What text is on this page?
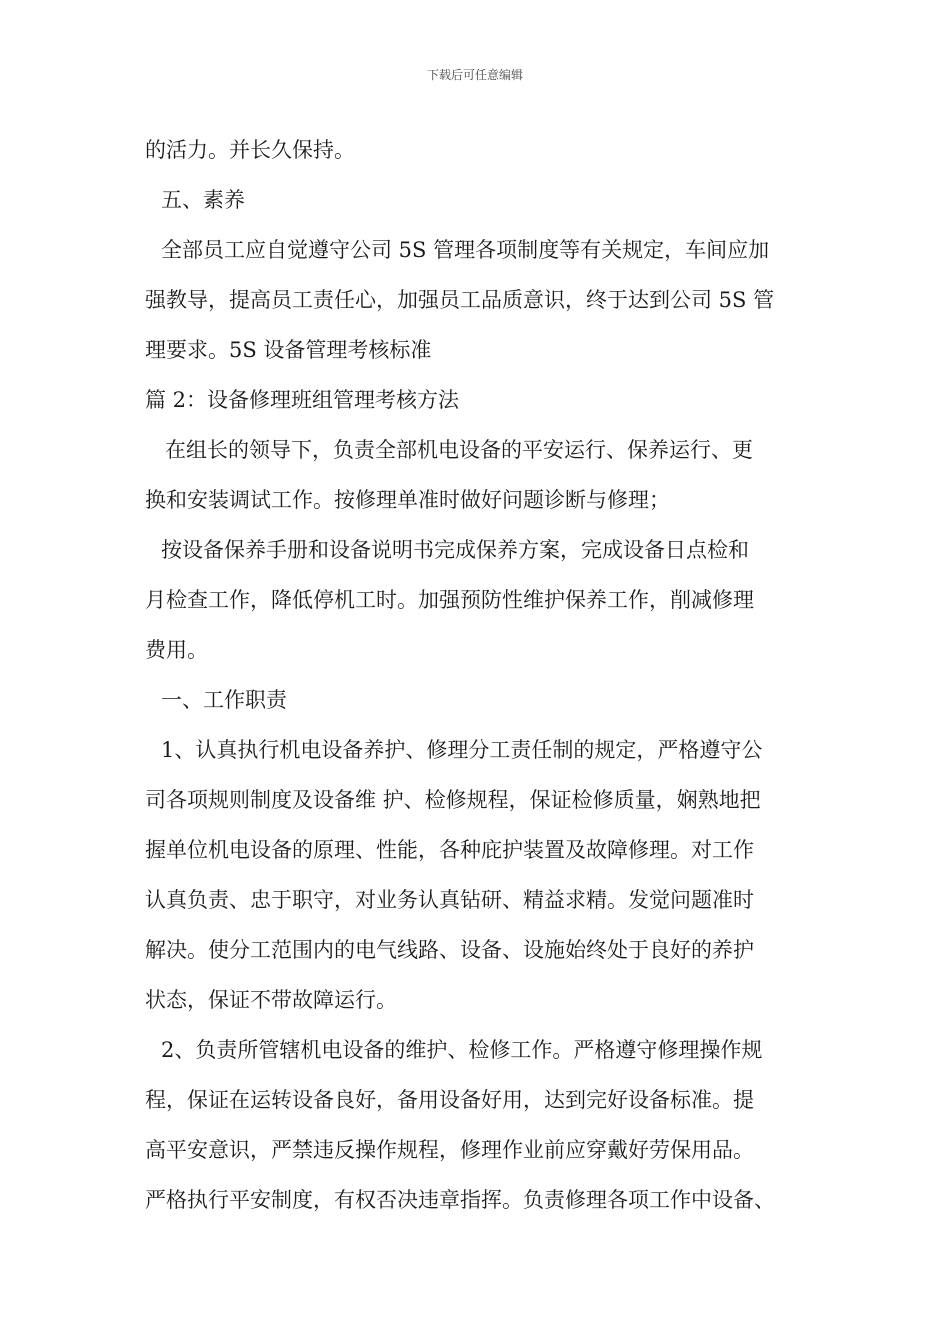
下载后可任意编辑
的活力。并长久保持。
五、素养
全部员工应自觉遵守公司 5S 管理各项制度等有关规定，车间应加
强教导，提高员工责任心，加强员工品质意识，终于达到公司 5S 管
理要求。5S 设备管理考核标准
篇 2：设备修理班组管理考核方法
在组长的领导下，负责全部机电设备的平安运行、保养运行、更
换和安装调试工作。按修理单准时做好问题诊断与修理；
按设备保养手册和设备说明书完成保养方案，完成设备日点检和
月检查工作，降低停机工时。加强预防性维护保养工作，削减修理
费用。
一、工作职责
1、认真执行机电设备养护、修理分工责任制的规定，严格遵守公
司各项规则制度及设备维 护、检修规程，保证检修质量，娴熟地把
握单位机电设备的原理、性能，各种庇护装置及故障修理。对工作
认真负责、忠于职守，对业务认真钻研、精益求精。发觉问题准时
解决。使分工范围内的电气线路、设备、设施始终处于良好的养护
状态，保证不带故障运行。
2、负责所管辖机电设备的维护、检修工作。严格遵守修理操作规
程，保证在运转设备良好，备用设备好用，达到完好设备标准。提
高平安意识，严禁违反操作规程，修理作业前应穿戴好劳保用品。
严格执行平安制度，有权否决违章指挥。负责修理各项工作中设备、
